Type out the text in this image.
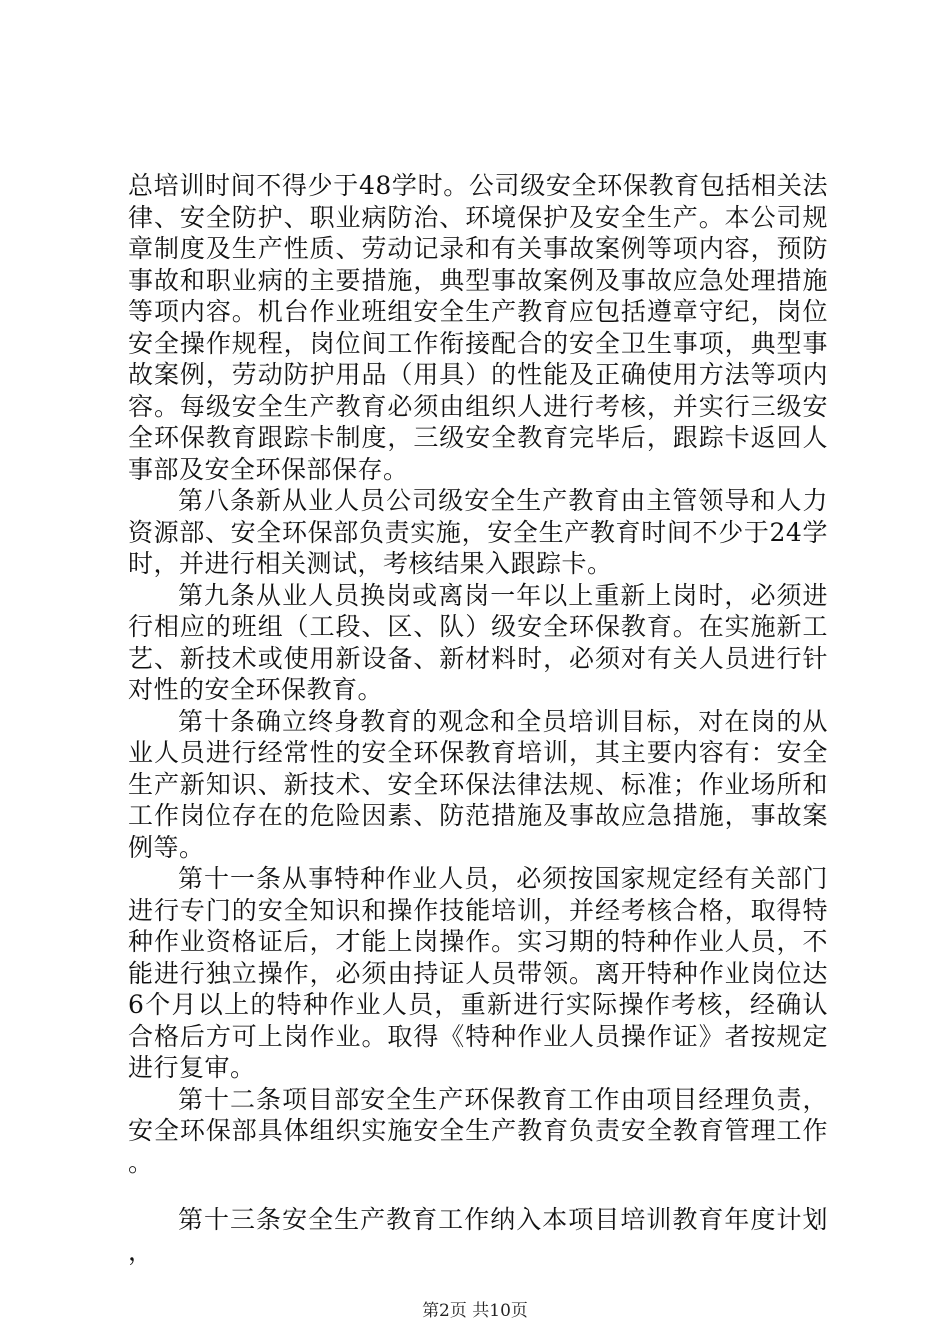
总培训时间不得少于48学时。公司级安全环保教育包括相关法律、安全防护、职业病防治、环境保护及安全生产。本公司规章制度及生产性质、劳动记录和有关事故案例等项内容，预防事故和职业病的主要措施，典型事故案例及事故应急处理措施等项内容。机台作业班组安全生产教育应包括遵章守纪，岗位安全操作规程，岗位间工作衔接配合的安全卫生事项，典型事故案例，劳动防护用品（用具）的性能及正确使用方法等项内容。每级安全生产教育必须由组织人进行考核，并实行三级安全环保教育跟踪卡制度，三级安全教育完毕后，跟踪卡返回人事部及安全环保部保存。

第八条新从业人员公司级安全生产教育由主管领导和人力资源部、安全环保部负责实施，安全生产教育时间不少于24学时，并进行相关测试，考核结果入跟踪卡。

第九条从业人员换岗或离岗一年以上重新上岗时，必须进行相应的班组（工段、区、队）级安全环保教育。在实施新工艺、新技术或使用新设备、新材料时，必须对有关人员进行针对性的安全环保教育。

第十条确立终身教育的观念和全员培训目标，对在岗的从业人员进行经常性的安全环保教育培训，其主要内容有：安全生产新知识、新技术、安全环保法律法规、标准；作业场所和工作岗位存在的危险因素、防范措施及事故应急措施，事故案例等。

第十一条从事特种作业人员，必须按国家规定经有关部门进行专门的安全知识和操作技能培训，并经考核合格，取得特种作业资格证后，才能上岗操作。实习期的特种作业人员，不能进行独立操作，必须由持证人员带领。离开特种作业岗位达6个月以上的特种作业人员，重新进行实际操作考核，经确认合格后方可上岗作业。取得《特种作业人员操作证》者按规定进行复审。

第十二条项目部安全生产环保教育工作由项目经理负责，安全环保部具体组织实施安全生产教育负责安全教育管理工作。

第十三条安全生产教育工作纳入本项目培训教育年度计划，

第2页 共10页
